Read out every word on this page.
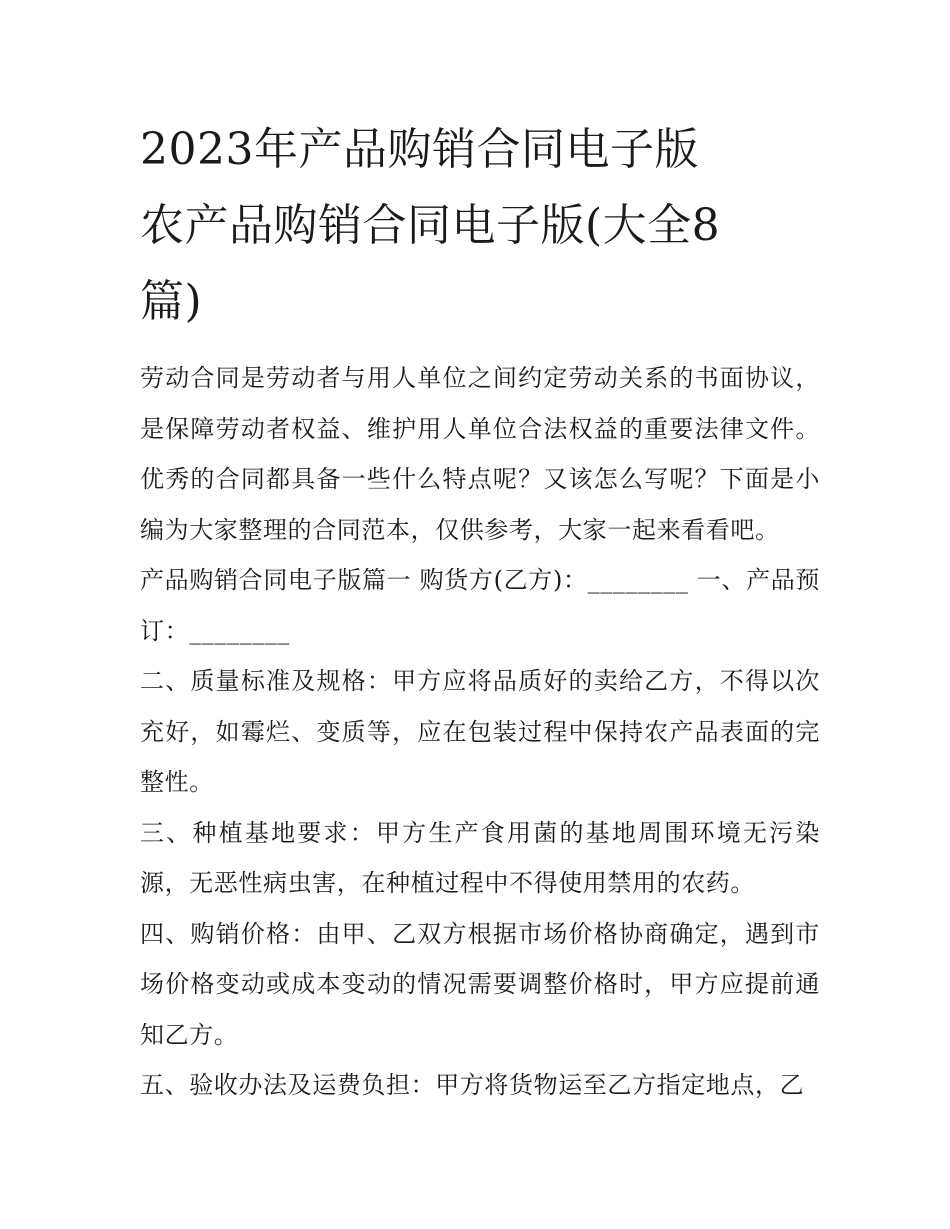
2023年产品购销合同电子版
农产品购销合同电子版(大全8
篇)

劳动合同是劳动者与用人单位之间约定劳动关系的书面协议，是保障劳动者权益、维护用人单位合法权益的重要法律文件。优秀的合同都具备一些什么特点呢？又该怎么写呢？下面是小编为大家整理的合同范本，仅供参考，大家一起来看看吧。

产品购销合同电子版篇一 购货方(乙方)：________ 一、产品预订：________

二、质量标准及规格：甲方应将品质好的卖给乙方，不得以次充好，如霉烂、变质等，应在包装过程中保持农产品表面的完整性。

三、种植基地要求：甲方生产食用菌的基地周围环境无污染源，无恶性病虫害，在种植过程中不得使用禁用的农药。

四、购销价格：由甲、乙双方根据市场价格协商确定，遇到市场价格变动或成本变动的情况需要调整价格时，甲方应提前通知乙方。

五、验收办法及运费负担：甲方将货物运至乙方指定地点，乙
